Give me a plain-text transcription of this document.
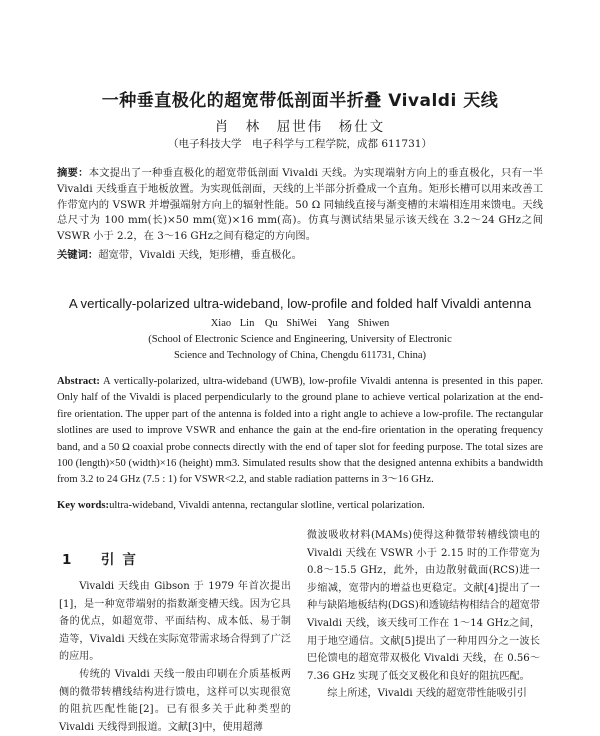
一种垂直极化的超宽带低剖面半折叠 Vivaldi 天线
肖　林　屈世伟　杨仕文
（电子科技大学　电子科学与工程学院，成都 611731）
摘要：本文提出了一种垂直极化的超宽带低剖面 Vivaldi 天线。为实现端射方向上的垂直极化，只有一半 Vivaldi 天线垂直于地板放置。为实现低剖面，天线的上半部分折叠成一个直角。矩形长槽可以用来改善工作带宽内的 VSWR 并增强端射方向上的辐射性能。50 Ω 同轴线直接与渐变槽的末端相连用来馈电。天线总尺寸为 100 mm(长)×50 mm(宽)×16 mm(高)。仿真与测试结果显示该天线在 3.2～24 GHz之间 VSWR 小于 2.2，在 3～16 GHz之间有稳定的方向图。
关键词：超宽带，Vivaldi 天线，矩形槽，垂直极化。
A vertically-polarized ultra-wideband, low-profile and folded half Vivaldi antenna
Xiao Lin　Qu ShiWei　Yang Shiwen
(School of Electronic Science and Engineering, University of Electronic
Science and Technology of China, Chengdu 611731, China)
Abstract: A vertically-polarized, ultra-wideband (UWB), low-profile Vivaldi antenna is presented in this paper. Only half of the Vivaldi is placed perpendicularly to the ground plane to achieve vertical polarization at the end-fire orientation. The upper part of the antenna is folded into a right angle to achieve a low-profile. The rectangular slotlines are used to improve VSWR and enhance the gain at the end-fire orientation in the operating frequency band, and a 50 Ω coaxial probe connects directly with the end of taper slot for feeding purpose. The total sizes are 100 (length)×50 (width)×16 (height) mm3. Simulated results show that the designed antenna exhibits a bandwidth from 3.2 to 24 GHz (7.5 : 1) for VSWR<2.2, and stable radiation patterns in 3～16 GHz.
Key words:ultra-wideband, Vivaldi antenna, rectangular slotline, vertical polarization.
1　引言

Vivaldi 天线由 Gibson 于 1979 年首次提出[1]，是一种宽带端射的指数渐变槽天线。因为它具备的优点，如超宽带、平面结构、成本低、易于制造等，Vivaldi 天线在实际宽带需求场合得到了广泛的应用。

传统的 Vivaldi 天线一般由印刷在介质基板两侧的微带转槽线结构进行馈电，这样可以实现很宽的阻抗匹配性能[2]。已有很多关于此种类型的 Vivaldi 天线得到报道。文献[3]中，使用超薄

微波吸收材料(MAMs)使得这种微带转槽线馈电的 Vivaldi 天线在 VSWR 小于 2.15 时的工作带宽为 0.8～15.5 GHz，此外，由边散射截面(RCS)进一步缩减，宽带内的增益也更稳定。文献[4]提出了一种与缺陷地板结构(DGS)和透镜结构相结合的超宽带 Vivaldi 天线，该天线可工作在 1～14 GHz之间，用于地空通信。文献[5]提出了一种用四分之一波长巴伦馈电的超宽带双极化 Vivaldi 天线，在 0.56～7.36 GHz 实现了低交叉极化和良好的阻抗匹配。

综上所述，Vivaldi 天线的超宽带性能吸引引
